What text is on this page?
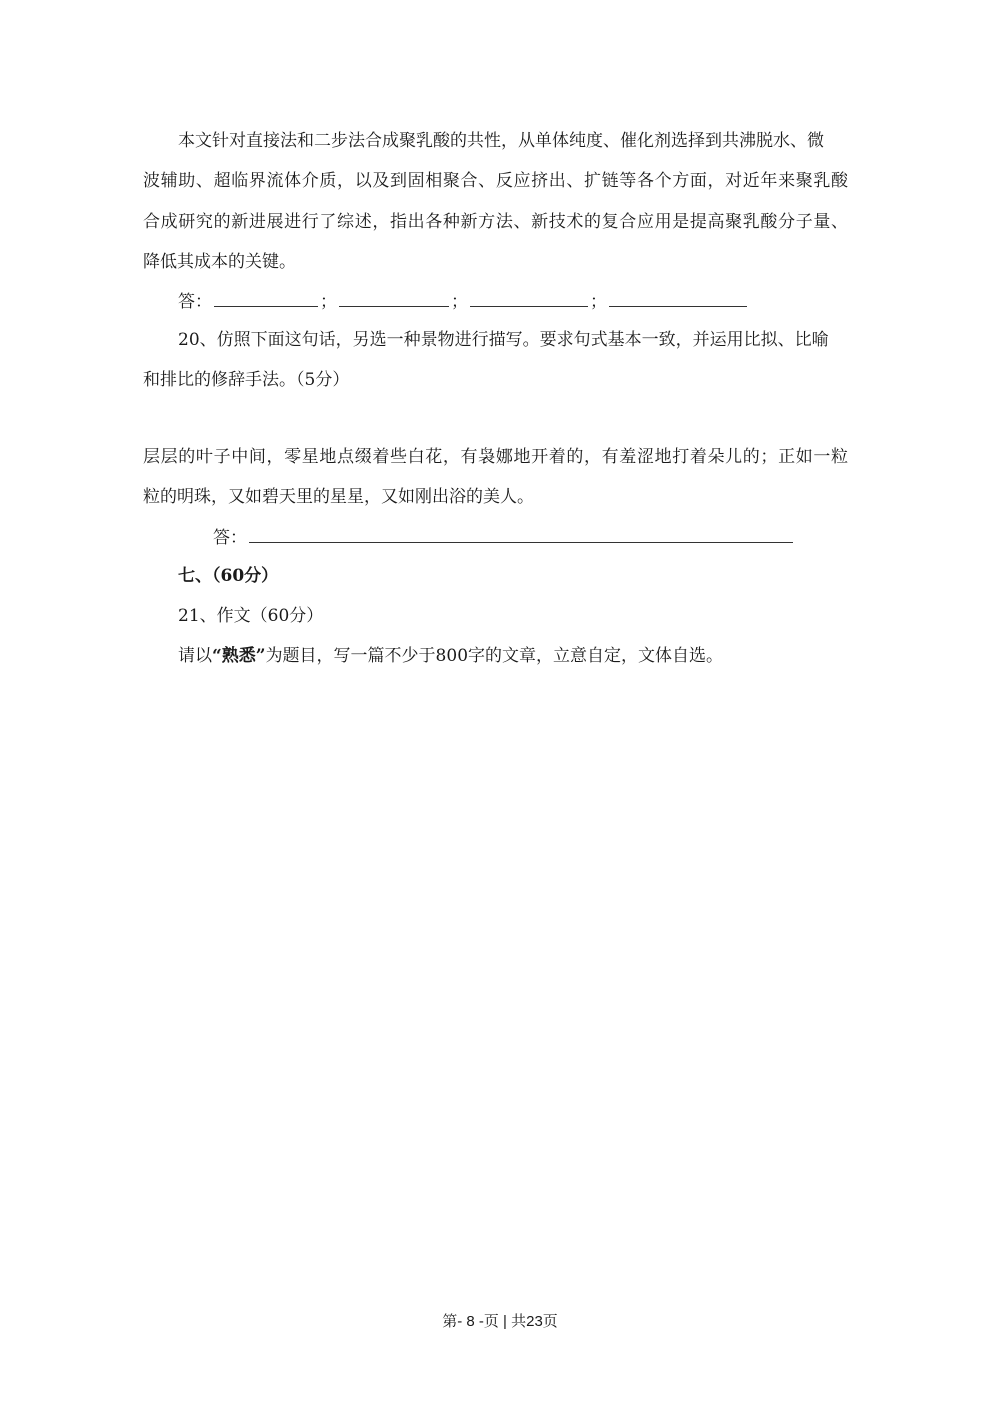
本文针对直接法和二步法合成聚乳酸的共性，从单体纯度、催化剂选择到共沸脱水、微
波辅助、超临界流体介质，以及到固相聚合、反应挤出、扩链等各个方面，对近年来聚乳酸
合成研究的新进展进行了综述，指出各种新方法、新技术的复合应用是提高聚乳酸分子量、
降低其成本的关键。
答：	；	；	；
20、仿照下面这句话，另选一种景物进行描写。要求句式基本一致，并运用比拟、比喻
和排比的修辞手法。（5分）
层层的叶子中间，零星地点缀着些白花，有袅娜地开着的，有羞涩地打着朵儿的；正如一粒
粒的明珠，又如碧天里的星星，又如刚出浴的美人。
答：
七、（60分）
21、作文（60分）
请以“熟悉”为题目，写一篇不少于800字的文章，立意自定，文体自选。
第- 8 -页 | 共23页
